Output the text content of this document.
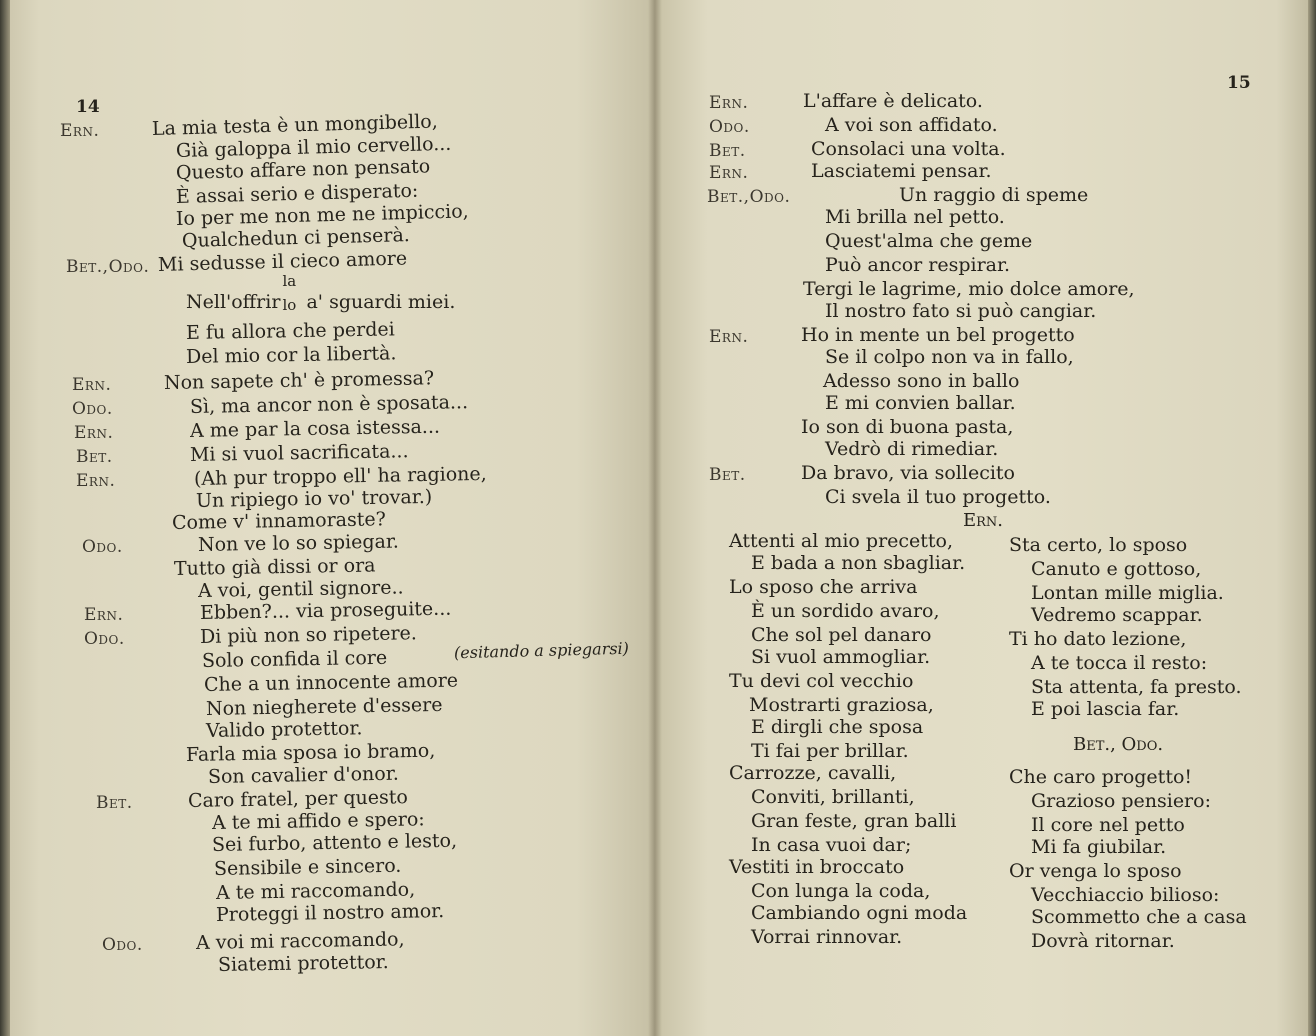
14
Ern.	La mia testa è un mongibello,
Già galoppa il mio cervello...
Questo affare non pensato
È assai serio e disperato:
Io per me non me ne impiccio,
Qualchedun ci penserà.
Bet.,Odo. Mi sedusse il cieco amore
Nell'offrir
la
lo a' sguardi miei.
E fu allora che perdei
Del mio cor la libertà.
Ern.	Non sapete ch' è promessa?
Odo.	Sì, ma ancor non è sposata...
Ern.	A me par la cosa istessa...
Bet.	Mi si vuol sacrificata...
Ern.	(Ah pur troppo ell' ha ragione,
Un ripiego io vo' trovar.)
Come v' innamoraste?
Odo.	Non ve lo so spiegar.
Tutto già dissi or ora
A voi, gentil signore..
Ern.	Ebben?... via proseguite...
Odo.	Di più non so ripetere.
Solo confida il core	(esitando a spiegarsi)
Che a un innocente amore
Non niegherete d'essere
Valido protettor.
Farla mia sposa io bramo,
Son cavalier d'onor.
Bet.	Caro fratel, per questo
A te mi affido e spero:
Sei furbo, attento e lesto,
Sensibile e sincero.
A te mi raccomando,
Proteggi il nostro amor.
Odo.	A voi mi raccomando,
Siatemi protettor.
15
Ern.	L'affare è delicato.
Odo.	A voi son affidato.
Bet.	Consolaci una volta.
Ern.	Lasciatemi pensar.
Bet.,Odo.	Un raggio di speme
Mi brilla nel petto.
Quest'alma che geme
Può ancor respirar.
Tergi le lagrime, mio dolce amore,
Il nostro fato si può cangiar.
Ern.	Ho in mente un bel progetto
Se il colpo non va in fallo,
Adesso sono in ballo
E mi convien ballar.
Io son di buona pasta,
Vedrò di rimediar.
Bet.	Da bravo, via sollecito
Ci svela il tuo progetto.
Ern.
Attenti al mio precetto,
E bada a non sbagliar.
Lo sposo che arriva
È un sordido avaro,
Che sol pel danaro
Si vuol ammogliar.
Tu devi col vecchio
Mostrarti graziosa,
E dirgli che sposa
Ti fai per brillar.
Carrozze, cavalli,
Conviti, brillanti,
Gran feste, gran balli
In casa vuoi dar;
Vestiti in broccato
Con lunga la coda,
Cambiando ogni moda
Vorrai rinnovar.
Sta certo, lo sposo
Canuto e gottoso,
Lontan mille miglia.
Vedremo scappar.
Ti ho dato lezione,
A te tocca il resto:
Sta attenta, fa presto.
E poi lascia far.
Bet., Odo.
Che caro progetto!
Grazioso pensiero:
Il core nel petto
Mi fa giubilar.
Or venga lo sposo
Vecchiaccio bilioso:
Scommetto che a casa
Dovrà ritornar.
